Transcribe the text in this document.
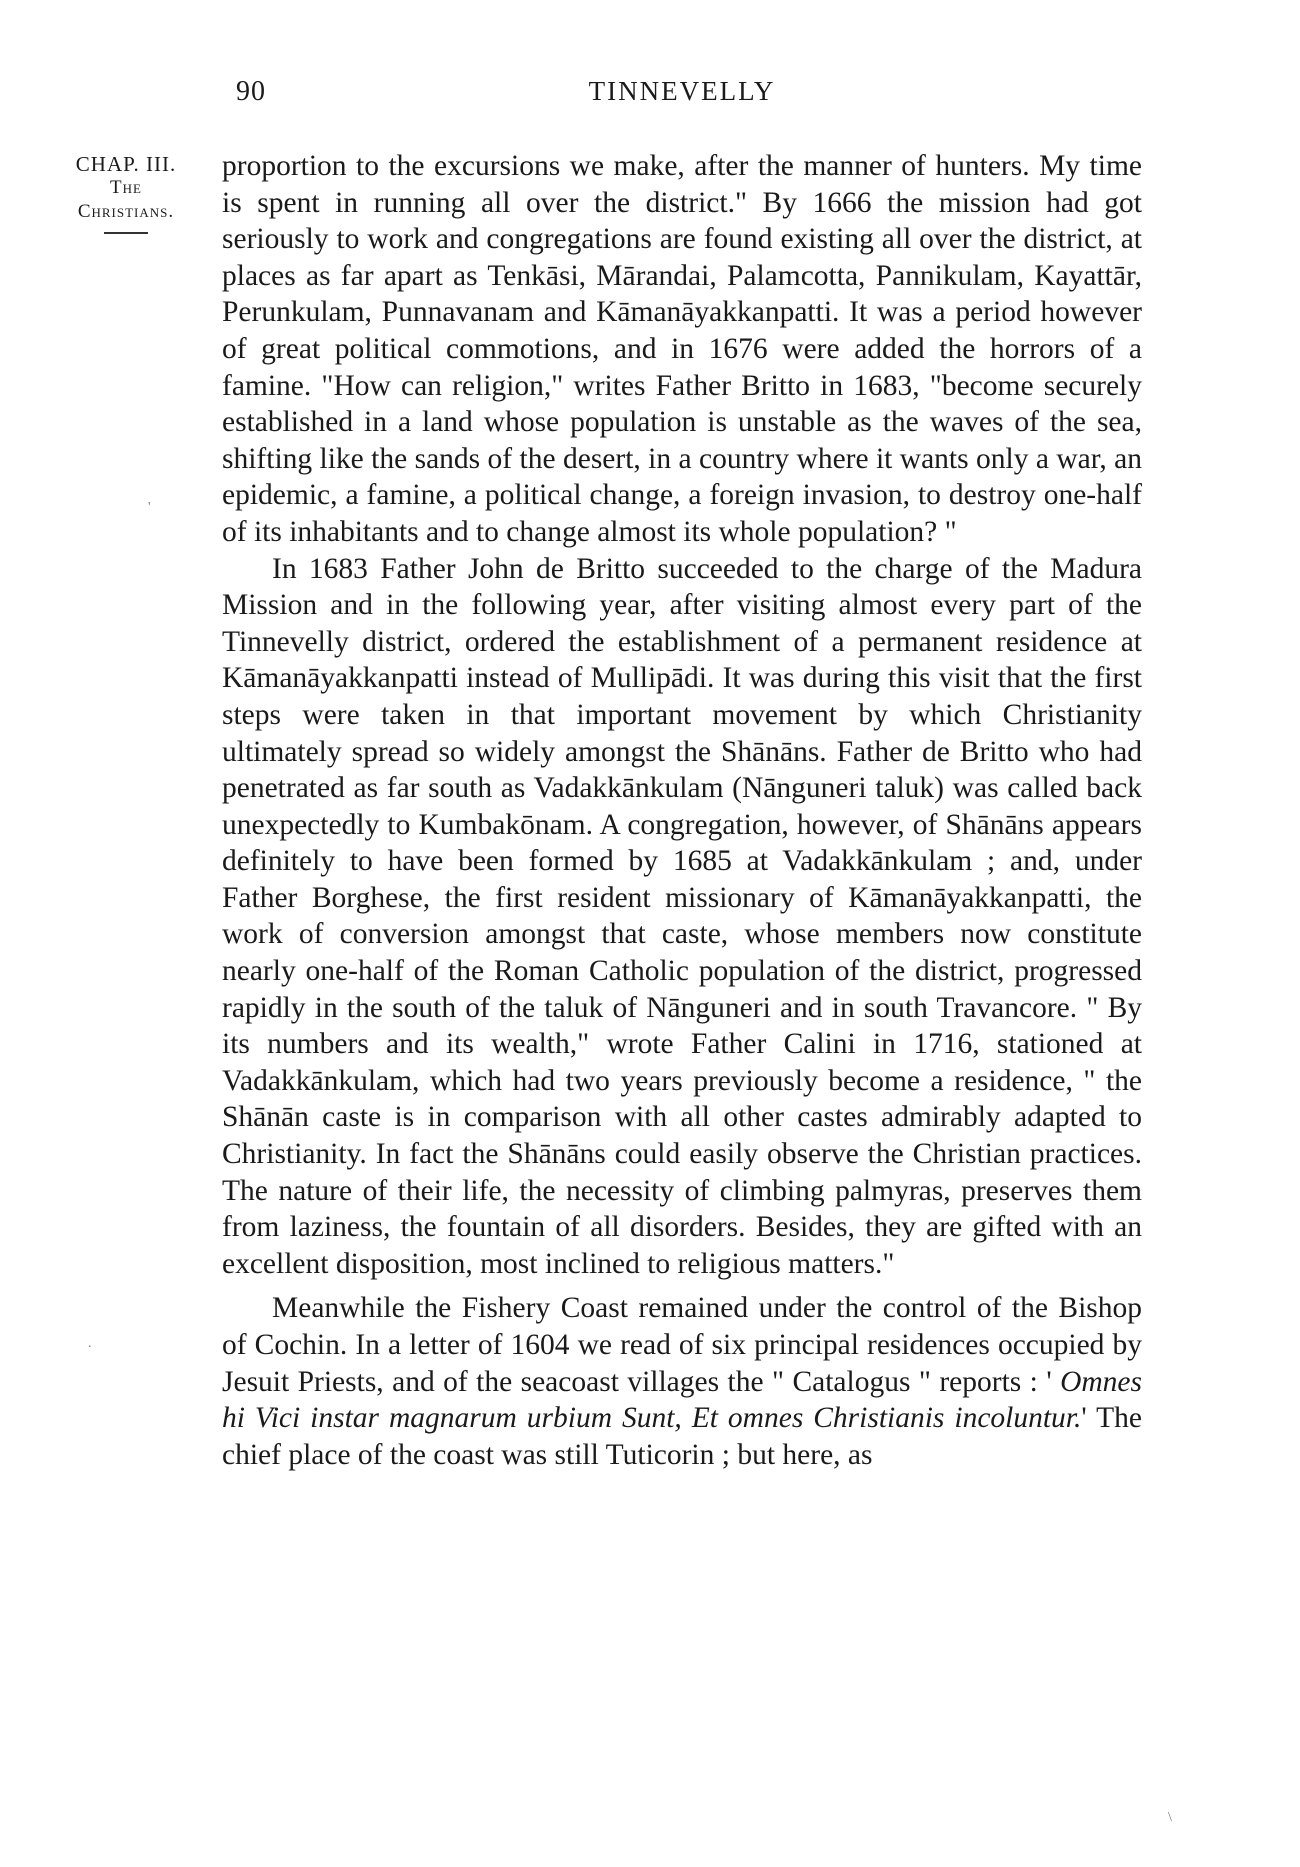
90	TINNEVELLY
CHAP. III.
The
Christians.

proportion to the excursions we make, after the manner of hunters. My time is spent in running all over the district." By 1666 the mission had got seriously to work and congregations are found existing all over the district, at places as far apart as Tenkāsi, Mārandai, Palamcotta, Pannikulam, Kayattār, Perunkulam, Punnavanam and Kāmanāyakkanpatti. It was a period however of great political commotions, and in 1676 were added the horrors of a famine. "How can religion," writes Father Britto in 1683, "become securely established in a land whose population is unstable as the waves of the sea, shifting like the sands of the desert, in a country where it wants only a war, an epidemic, a famine, a political change, a foreign invasion, to destroy one-half of its inhabitants and to change almost its whole population? "

In 1683 Father John de Britto succeeded to the charge of the Madura Mission and in the following year, after visiting almost every part of the Tinnevelly district, ordered the establishment of a permanent residence at Kāmanāyakkanpatti instead of Mullipādi. It was during this visit that the first steps were taken in that important movement by which Christianity ultimately spread so widely amongst the Shānāns. Father de Britto who had penetrated as far south as Vadakkānkulam (Nānguneri taluk) was called back unexpectedly to Kumbakōnam. A congregation, however, of Shānāns appears definitely to have been formed by 1685 at Vadakkānkulam ; and, under Father Borghese, the first resident missionary of Kāmanāyakkanpatti, the work of conversion amongst that caste, whose members now constitute nearly one-half of the Roman Catholic population of the district, progressed rapidly in the south of the taluk of Nānguneri and in south Travancore. " By its numbers and its wealth," wrote Father Calini in 1716, stationed at Vadakkānkulam, which had two years previously become a residence, " the Shānān caste is in comparison with all other castes admirably adapted to Christianity. In fact the Shānāns could easily observe the Christian practices. The nature of their life, the necessity of climbing palmyras, preserves them from laziness, the fountain of all disorders. Besides, they are gifted with an excellent disposition, most inclined to religious matters."

Meanwhile the Fishery Coast remained under the control of the Bishop of Cochin. In a letter of 1604 we read of six principal residences occupied by Jesuit Priests, and of the seacoast villages the " Catalogus " reports : ' Omnes hi Vici instar magnarum urbium Sunt, Et omnes Christianis incoluntur.' The chief place of the coast was still Tuticorin ; but here, as

'
.
\
